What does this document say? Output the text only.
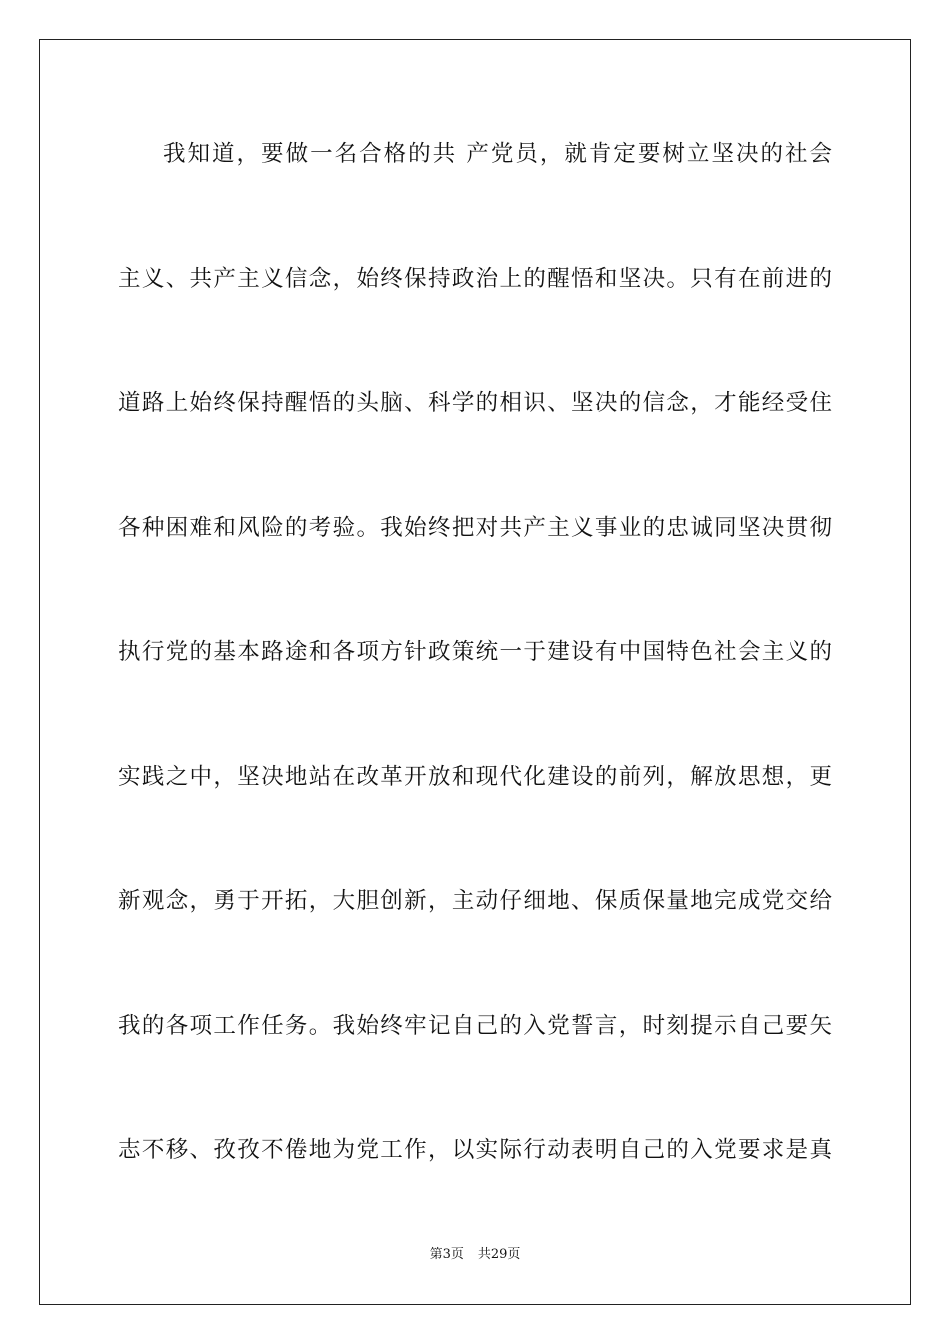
我知道，要做一名合格的共 产党员，就肯定要树立坚决的社会
主义、共产主义信念，始终保持政治上的醒悟和坚决。只有在前进的
道路上始终保持醒悟的头脑、科学的相识、坚决的信念，才能经受住
各种困难和风险的考验。我始终把对共产主义事业的忠诚同坚决贯彻
执行党的基本路途和各项方针政策统一于建设有中国特色社会主义的
实践之中，坚决地站在改革开放和现代化建设的前列，解放思想，更
新观念，勇于开拓，大胆创新，主动仔细地、保质保量地完成党交给
我的各项工作任务。我始终牢记自己的入党誓言，时刻提示自己要矢
志不移、孜孜不倦地为党工作，以实际行动表明自己的入党要求是真
第3页 共29页
